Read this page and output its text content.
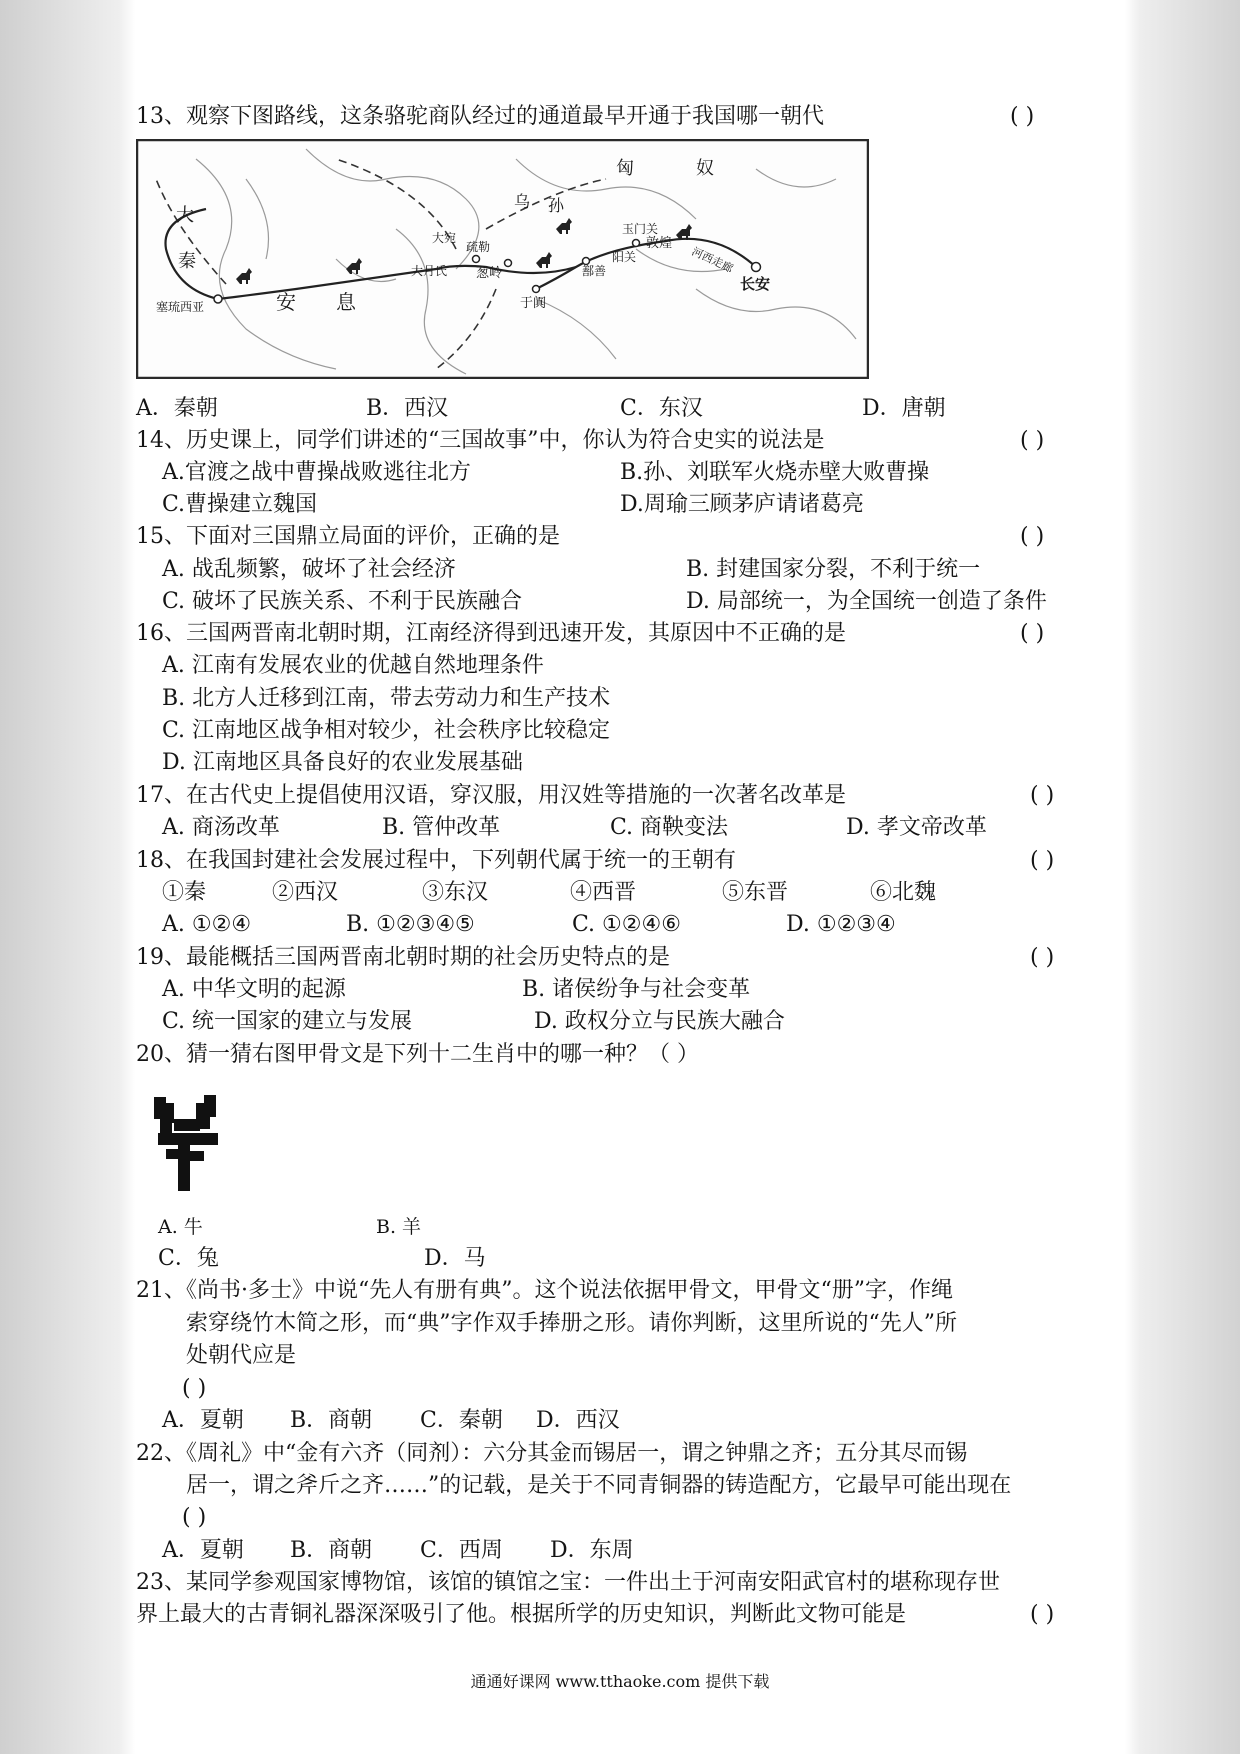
13、观察下图路线，这条骆驼商队经过的通道最早开通于我国哪一朝代	( )
匈	奴
大
秦
乌 孙
大宛
疏勒
玉门关
阳关
敦煌
河西走廊
鄯善
大月氏 葱岭
于阗
长安
安 息
塞琉西亚
A．秦朝	B．西汉	C．东汉	D．唐朝
14、历史课上，同学们讲述的“三国故事”中，你认为符合史实的说法是	( )
A.官渡之战中曹操战败逃往北方	B.孙、刘联军火烧赤壁大败曹操
C.曹操建立魏国	D.周瑜三顾茅庐请诸葛亮
15、下面对三国鼎立局面的评价，正确的是	( )
A. 战乱频繁，破坏了社会经济	B. 封建国家分裂，不利于统一
C. 破坏了民族关系、不利于民族融合	D. 局部统一，为全国统一创造了条件
16、三国两晋南北朝时期，江南经济得到迅速开发，其原因中不正确的是	( )
A. 江南有发展农业的优越自然地理条件
B. 北方人迁移到江南，带去劳动力和生产技术
C. 江南地区战争相对较少，社会秩序比较稳定
D. 江南地区具备良好的农业发展基础
17、在古代史上提倡使用汉语，穿汉服，用汉姓等措施的一次著名改革是	( )
A. 商汤改革	B. 管仲改革	C. 商鞅变法	D. 孝文帝改革
18、在我国封建社会发展过程中，下列朝代属于统一的王朝有	( )
①秦	②西汉	③东汉	④西晋	⑤东晋	⑥北魏
A. ①②④	B. ①②③④⑤	C. ①②④⑥	D. ①②③④
19、最能概括三国两晋南北朝时期的社会历史特点的是	( )
A. 中华文明的起源	B. 诸侯纷争与社会变革
C. 统一国家的建立与发展	D. 政权分立与民族大融合
20、猜一猜右图甲骨文是下列十二生肖中的哪一种？（ ）
A. 牛	B. 羊
C．兔	D．马
21、《尚书·多士》中说“先人有册有典”。这个说法依据甲骨文，甲骨文“册”字，作绳
索穿绕竹木简之形，而“典”字作双手捧册之形。请你判断，这里所说的“先人”所
处朝代应是
( )
A．夏朝 B．商朝 C．秦朝 D．西汉
22、《周礼》中“金有六齐（同剂）：六分其金而锡居一，谓之钟鼎之齐；五分其尽而锡
居一，谓之斧斤之齐……”的记载，是关于不同青铜器的铸造配方，它最早可能出现在
( )
A．夏朝 B．商朝 C．西周 D．东周
23、某同学参观国家博物馆，该馆的镇馆之宝：一件出土于河南安阳武官村的堪称现存世
界上最大的古青铜礼器深深吸引了他。根据所学的历史知识，判断此文物可能是	( )
通通好课网 www.tthaoke.com 提供下载
